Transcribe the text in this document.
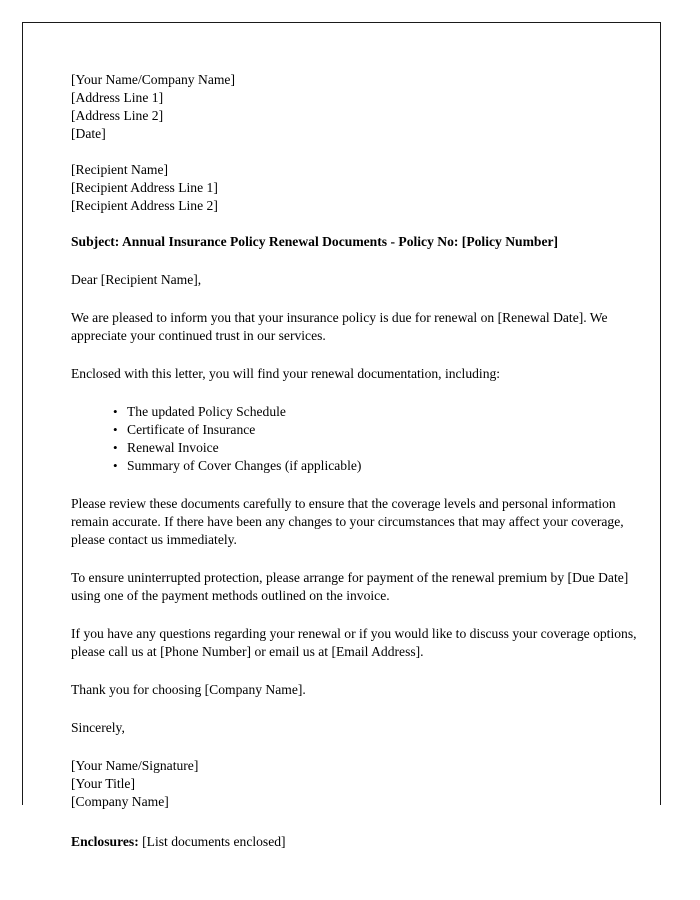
[Your Name/Company Name]
[Address Line 1]
[Address Line 2]
[Date]
[Recipient Name]
[Recipient Address Line 1]
[Recipient Address Line 2]

Subject: Annual Insurance Policy Renewal Documents - Policy No: [Policy Number]

Dear [Recipient Name],

We are pleased to inform you that your insurance policy is due for renewal on [Renewal Date]. We appreciate your continued trust in our services.

Enclosed with this letter, you will find your renewal documentation, including:

• The updated Policy Schedule
• Certificate of Insurance
• Renewal Invoice
• Summary of Cover Changes (if applicable)

Please review these documents carefully to ensure that the coverage levels and personal information remain accurate. If there have been any changes to your circumstances that may affect your coverage, please contact us immediately.

To ensure uninterrupted protection, please arrange for payment of the renewal premium by [Due Date] using one of the payment methods outlined on the invoice.

If you have any questions regarding your renewal or if you would like to discuss your coverage options, please call us at [Phone Number] or email us at [Email Address].

Thank you for choosing [Company Name].

Sincerely,

[Your Name/Signature]
[Your Title]
[Company Name]

Enclosures: [List documents enclosed]
